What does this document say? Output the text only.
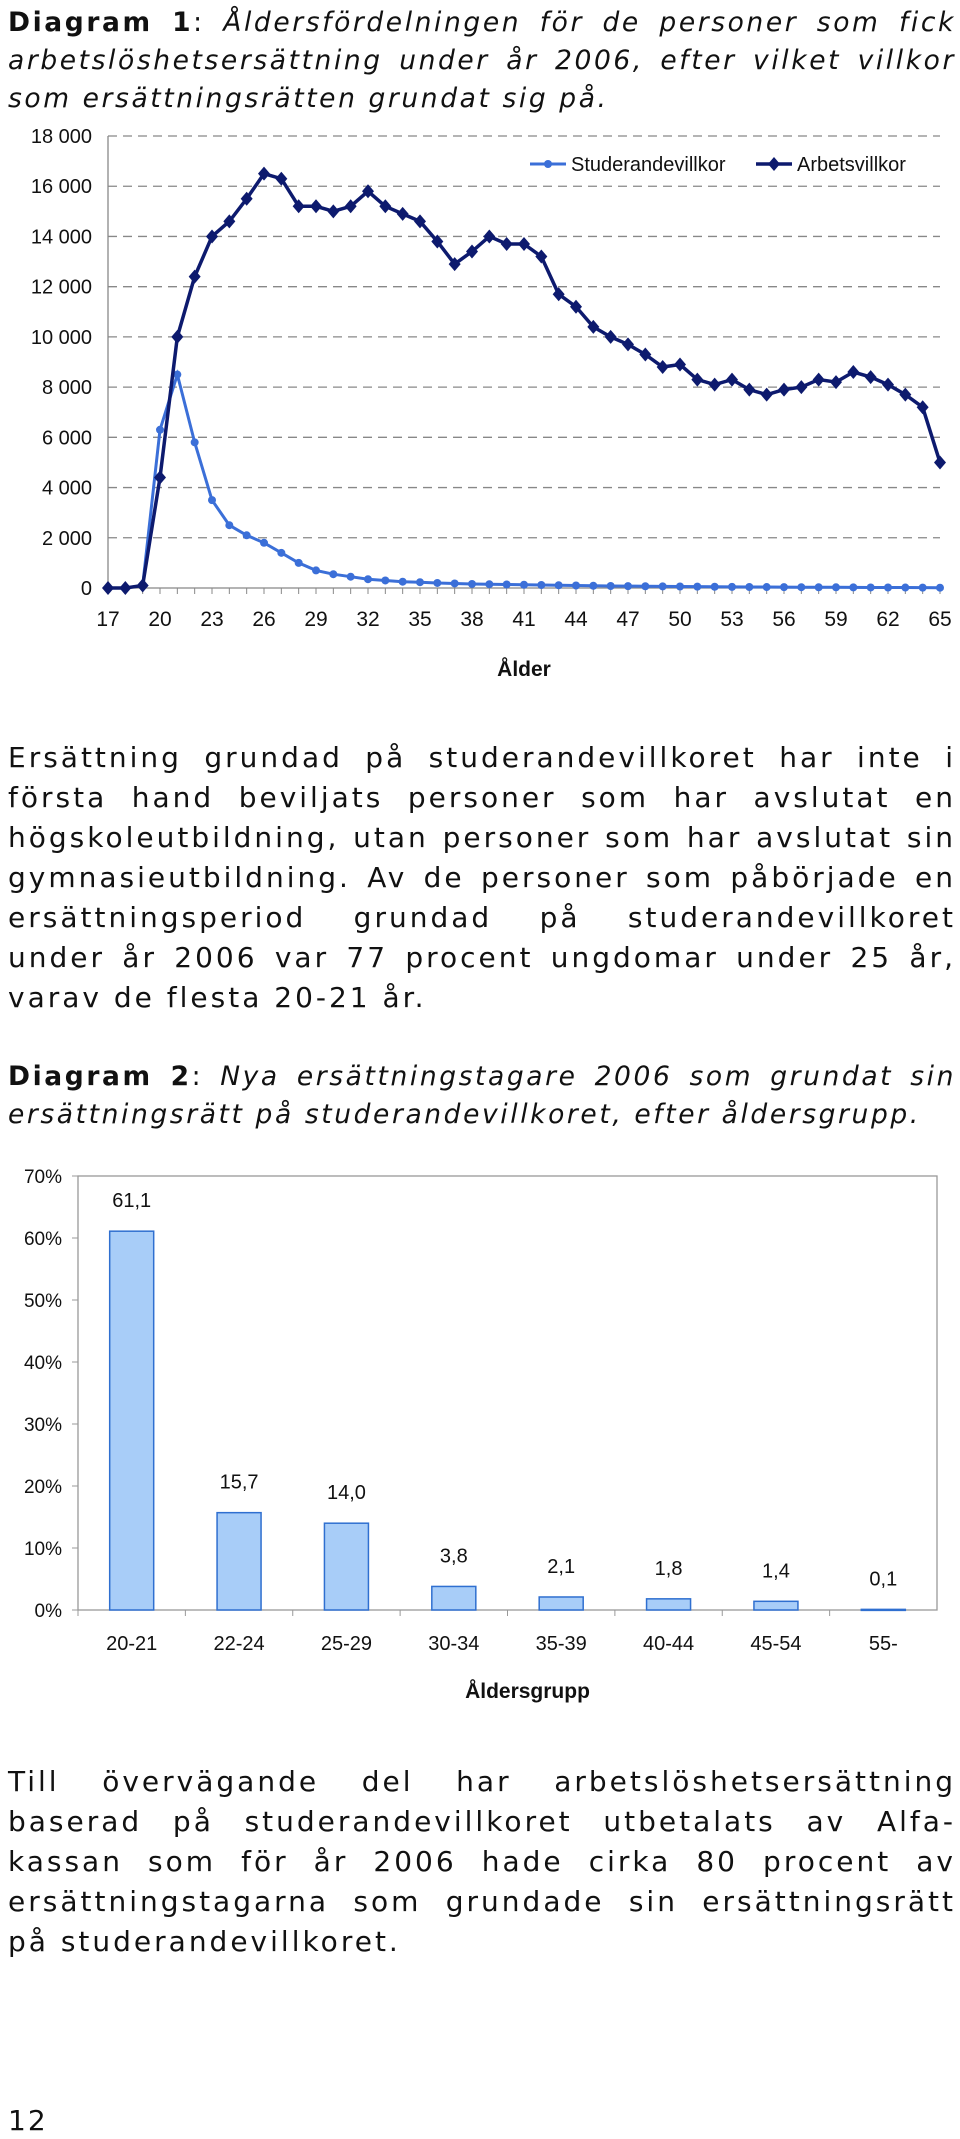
Diagram 1: Åldersfördelningen för de personer som fick arbetslöshetsersättning under år 2006, efter vilket villkor som ersättningsrätten grundat sig på.
0
2 000
4 000
6 000
8 000
10 000
12 000
14 000
16 000
18 000
17 20 23 26 29 32 35 38 41 44 47 50 53 56 59 62 65
Ålder
Studerandevillkor	Arbetsvillkor
Ersättning grundad på studerandevillkoret har inte i första hand beviljats personer som har avslutat en högskoleutbildning, utan personer som har avslutat sin gymnasieutbildning. Av de personer som påbörjade en ersättningsperiod grundad på studerandevillkoret under år 2006 var 77 procent ungdomar under 25 år, varav de flesta 20-21 år.
Diagram 2: Nya ersättningstagare 2006 som grundat sin ersättningsrätt på studerandevillkoret, efter åldersgrupp.
0%
10%
20%
30%
40%
50%
60%
70%
61,1
20-21
15,7
22-24
14,0
25-29
3,8
30-34
2,1
35-39
1,8
40-44
1,4
45-54
0,1
55-
Åldersgrupp
Till övervägande del har arbetslöshetsersättning baserad på studerandevillkoret utbetalats av Alfa-kassan som för år 2006 hade cirka 80 procent av ersättningstagarna som grundade sin ersättningsrätt på studerandevillkoret.
12
